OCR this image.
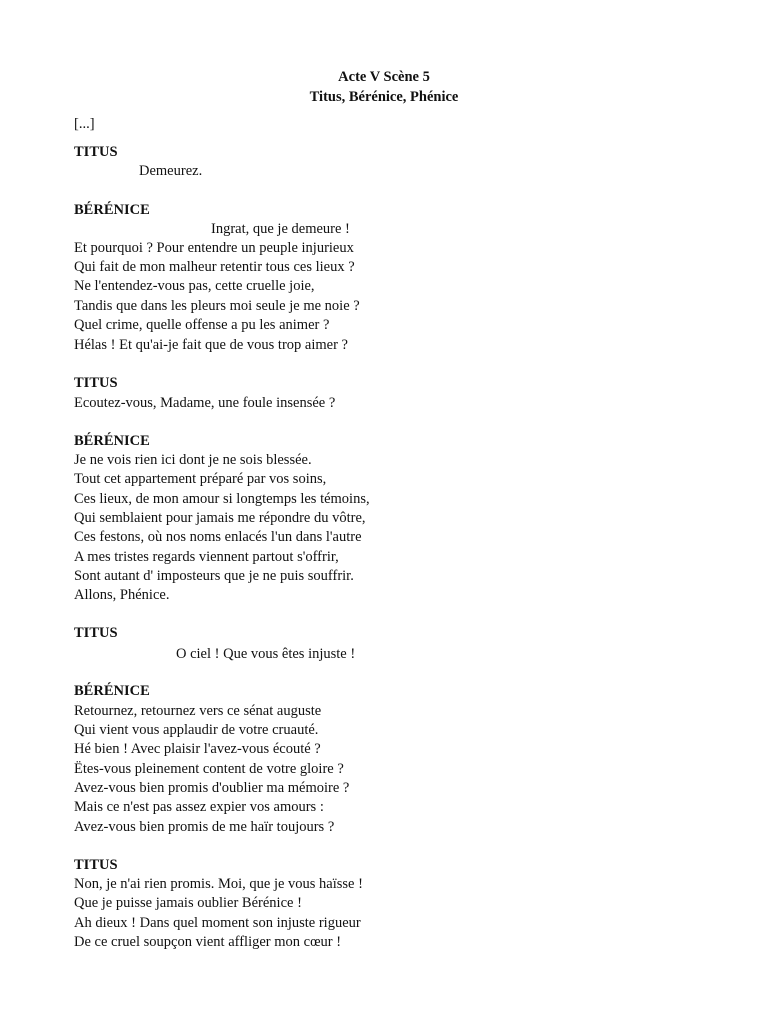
Acte V Scène 5
Titus, Bérénice, Phénice
[...]
TITUS
Demeurez.
BÉRÉNICE
Ingrat, que je demeure !
Et pourquoi ? Pour entendre un peuple injurieux
Qui fait de mon malheur retentir tous ces lieux ?
Ne l'entendez-vous pas, cette cruelle joie,
Tandis que dans les pleurs moi seule je me noie ?
Quel crime, quelle offense a pu les animer ?
Hélas ! Et qu'ai-je fait que de vous trop aimer ?
TITUS
Ecoutez-vous, Madame, une foule insensée ?
BÉRÉNICE
Je ne vois rien ici dont je ne sois blessée.
Tout cet appartement préparé par vos soins,
Ces lieux, de mon amour si longtemps les témoins,
Qui semblaient pour jamais me répondre du vôtre,
Ces festons, où nos noms enlacés l'un dans l'autre
A mes tristes regards viennent partout s'offrir,
Sont autant d' imposteurs que je ne puis souffrir.
Allons, Phénice.
TITUS
O ciel ! Que vous êtes injuste !
BÉRÉNICE
Retournez, retournez vers ce sénat auguste
Qui vient vous applaudir de votre cruauté.
Hé bien ! Avec plaisir l'avez-vous écouté ?
Ëtes-vous pleinement content de votre gloire ?
Avez-vous bien promis d'oublier ma mémoire ?
Mais ce n'est pas assez expier vos amours :
Avez-vous bien promis de me haïr toujours ?
TITUS
Non, je n'ai rien promis. Moi, que je vous haïsse !
Que je puisse jamais oublier Bérénice !
Ah dieux ! Dans quel moment son injuste rigueur
De ce cruel soupçon vient affliger mon cœur !
